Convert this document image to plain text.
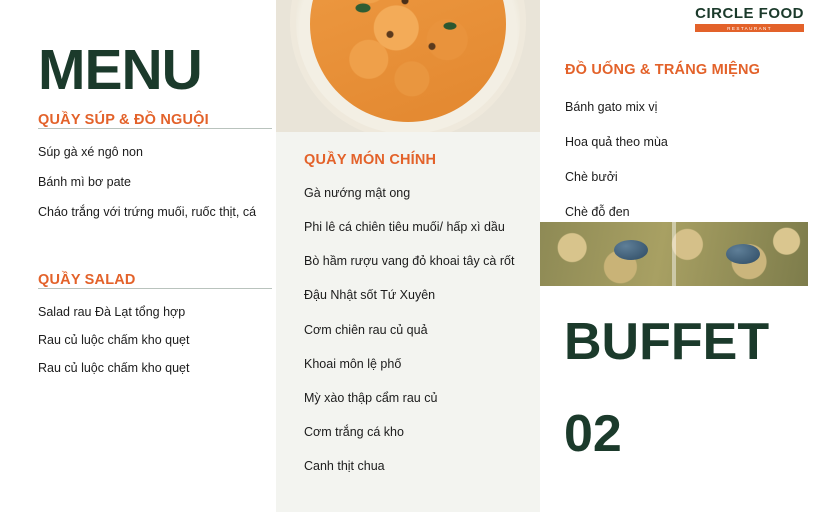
MENU
QUẦY SÚP & ĐỒ NGUỘI

Súp gà xé ngô non

Bánh mì bơ pate

Cháo trắng với trứng muối, ruốc thịt, cá

QUẦY SALAD

Salad rau Đà Lạt tổng hợp

Rau củ luộc chấm kho quẹt

Rau củ luộc chấm kho quẹt

QUẦY MÓN CHÍNH

Gà nướng mật ong

Phi lê cá chiên tiêu muối/ hấp xì dầu

Bò hầm rượu vang đỏ khoai tây cà rốt

Đậu Nhật sốt Tứ Xuyên

Cơm chiên rau củ quả

Khoai môn lệ phố

Mỳ xào thập cẩm rau củ

Cơm trắng cá kho

Canh thịt chua

CIRCLE FOOD
RESTAURANT
ĐỒ UỐNG & TRÁNG MIỆNG

Bánh gato mix vị

Hoa quả theo mùa

Chè bưởi

Chè đỗ đen

BUFFET
02
